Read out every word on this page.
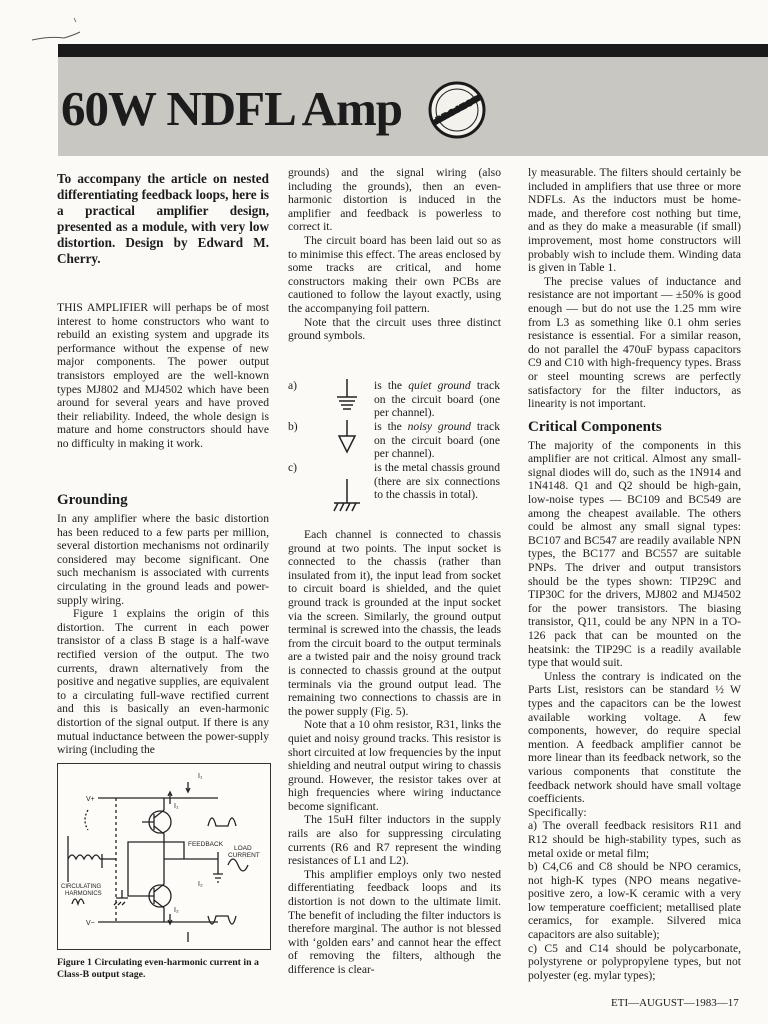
60W NDFL Amp	PROJECT
To accompany the article on nested differentiating feedback loops, here is a practical amplifier design, presented as a module, with very low distortion. Design by Edward M. Cherry.

THIS AMPLIFIER will perhaps be of most interest to home constructors who want to rebuild an existing system and upgrade its performance without the expense of new major components. The power output transistors employed are the well-known types MJ802 and MJ4502 which have been around for several years and have proved their reliability. Indeed, the whole design is mature and home constructors should have no difficulty in making it work.

Grounding

In any amplifier where the basic distortion has been reduced to a few parts per million, several distortion mechanisms not ordinarily considered may become significant. One such mechanism is associated with currents circulating in the ground leads and power-supply wiring.

Figure 1 explains the origin of this distortion. The current in each power transistor of a class B stage is a half-wave rectified version of the output. The two currents, drawn alternatively from the positive and negative supplies, are equivalent to a circulating full-wave rectified current and this is basically an even-harmonic distortion of the signal output. If there is any mutual inductance between the power-supply wiring (including the

V+
V−
FEEDBACK
LOAD
CURRENT
CIRCULATING
HARMONICS
I₁
I₁
I₂
I₂
Figure 1 Circulating even-harmonic current in a Class-B output stage.

grounds) and the signal wiring (also including the grounds), then an even-harmonic distortion is induced in the amplifier and feedback is powerless to correct it.

The circuit board has been laid out so as to minimise this effect. The areas enclosed by some tracks are critical, and home constructors making their own PCBs are cautioned to follow the layout exactly, using the accompanying foil pattern.

Note that the circuit uses three distinct ground symbols.

a)	is the quiet ground track on the circuit board (one per channel).
b)	is the noisy ground track on the circuit board (one per channel).
c)	is the metal chassis ground (there are six connections to the chassis in total).

Each channel is connected to chassis ground at two points. The input socket is connected to the chassis (rather than insulated from it), the input lead from socket to circuit board is shielded, and the quiet ground track is grounded at the input socket via the screen. Similarly, the ground output terminal is screwed into the chassis, the leads from the circuit board to the output terminals are a twisted pair and the noisy ground track is connected to chassis ground at the output terminals via the ground output lead. The remaining two connections to chassis are in the power supply (Fig. 5).

Note that a 10 ohm resistor, R31, links the quiet and noisy ground tracks. This resistor is short circuited at low frequencies by the input shielding and neutral output wiring to chassis ground. However, the resistor takes over at high frequencies where wiring inductance become significant.

The 15uH filter inductors in the supply rails are also for suppressing circulating currents (R6 and R7 represent the winding resistances of L1 and L2).

This amplifier employs only two nested differentiating feedback loops and its distortion is not down to the ultimate limit. The benefit of including the filter inductors is therefore marginal. The author is not blessed with ‘golden ears’ and cannot hear the effect of removing the filters, although the difference is clear-

ly measurable. The filters should certainly be included in amplifiers that use three or more NDFLs. As the inductors must be home-made, and therefore cost nothing but time, and as they do make a measurable (if small) improvement, most home constructors will probably wish to include them. Winding data is given in Table 1.

The precise values of inductance and resistance are not important — ±50% is good enough — but do not use the 1.25 mm wire from L3 as something like 0.1 ohm series resistance is essential. For a similar reason, do not parallel the 470uF bypass capacitors C9 and C10 with high-frequency types. Brass or steel mounting screws are perfectly satisfactory for the filter inductors, as linearity is not important.

Critical Components

The majority of the components in this amplifier are not critical. Almost any small-signal diodes will do, such as the 1N914 and 1N4148. Q1 and Q2 should be high-gain, low-noise types — BC109 and BC549 are among the cheapest available. The others could be almost any small signal types: BC107 and BC547 are readily available NPN types, the BC177 and BC557 are suitable PNPs. The driver and output transistors should be the types shown: TIP29C and TIP30C for the drivers, MJ802 and MJ4502 for the power transistors. The biasing transistor, Q11, could be any NPN in a TO-126 pack that can be mounted on the heatsink: the TIP29C is a readily available type that would suit.

Unless the contrary is indicated on the Parts List, resistors can be standard ½ W types and the capacitors can be the lowest available working voltage. A few components, however, do require special mention. A feedback amplifier cannot be more linear than its feedback network, so the various components that constitute the feedback network should have small voltage coefficients.

Specifically:

a) The overall feedback resisitors R11 and R12 should be high-stability types, such as metal oxide or metal film;

b) C4,C6 and C8 should be NPO ceramics, not high-K types (NPO means negative-positive zero, a low-K ceramic with a very low temperature coefficient; metallised plate ceramics, for example. Silvered mica capacitors are also suitable);

c) C5 and C14 should be polycarbonate, polystyrene or polypropylene types, but not polyester (eg. mylar types);

ETI—AUGUST—1983—17
